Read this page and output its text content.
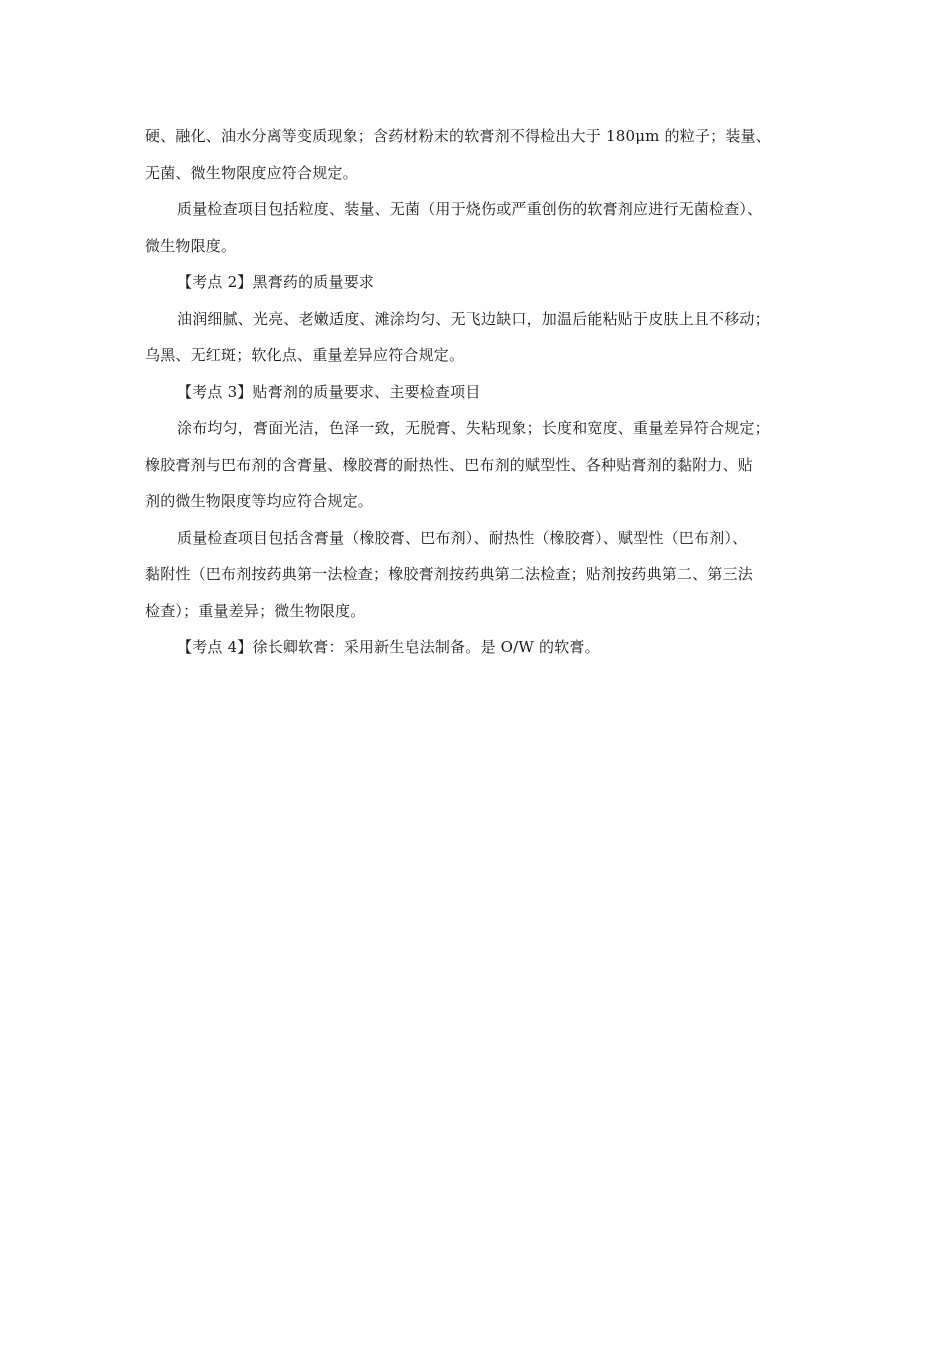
硬、融化、油水分离等变质现象；含药材粉末的软膏剂不得检出大于 180μm 的粒子；装量、
无菌、微生物限度应符合规定。

质量检查项目包括粒度、装量、无菌（用于烧伤或严重创伤的软膏剂应进行无菌检查）、
微生物限度。

【考点 2】黑膏药的质量要求

油润细腻、光亮、老嫩适度、滩涂均匀、无飞边缺口，加温后能粘贴于皮肤上且不移动；
乌黑、无红斑；软化点、重量差异应符合规定。

【考点 3】贴膏剂的质量要求、主要检查项目

涂布均匀，膏面光洁，色泽一致，无脱膏、失粘现象；长度和宽度、重量差异符合规定；
橡胶膏剂与巴布剂的含膏量、橡胶膏的耐热性、巴布剂的赋型性、各种贴膏剂的黏附力、贴
剂的微生物限度等均应符合规定。

质量检查项目包括含膏量（橡胶膏、巴布剂）、耐热性（橡胶膏）、赋型性（巴布剂）、
黏附性（巴布剂按药典第一法检查；橡胶膏剂按药典第二法检查；贴剂按药典第二、第三法
检查）；重量差异；微生物限度。

【考点 4】徐长卿软膏：采用新生皂法制备。是 O/W 的软膏。
